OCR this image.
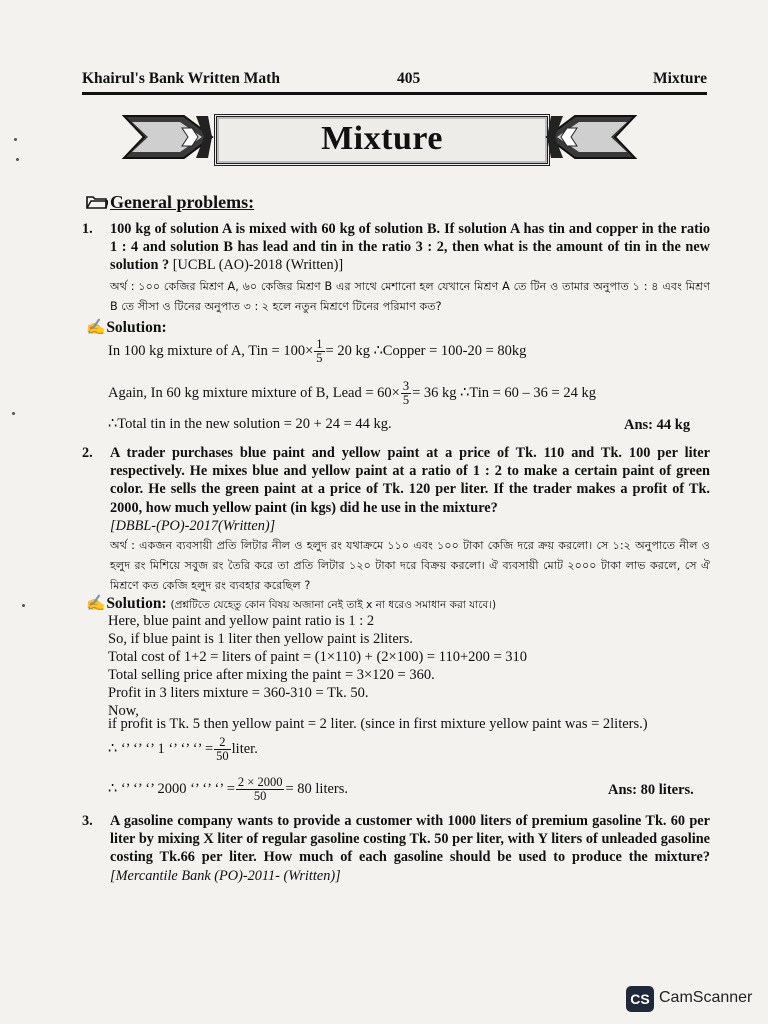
Khairul's Bank Written Math	405	Mixture
Mixture
General problems:
1. 100 kg of solution A is mixed with 60 kg of solution B. If solution A has tin and copper in the ratio 1 : 4 and solution B has lead and tin in the ratio 3 : 2, then what is the amount of tin in the new solution ? [UCBL (AO)-2018 (Written)]
অর্থ : ১০০ কেজির মিশ্রণ A, ৬০ কেজির মিশ্রণ B এর সাথে মেশানো হল যেখানে মিশ্রণ A তে টিন ও তামার অনুপাত ১ : ৪ এবং মিশ্রণ B তে সীসা ও টিনের অনুপাত ৩ : ২ হলে নতুন মিশ্রণে টিনের পরিমাণ কত?
✍Solution:
In 100 kg mixture of A, Tin = $100\times \frac{1}{5} = 20$ kg ∴Copper = 100-20 = 80kg
Again, In 60 kg mixture mixture of B, Lead = $60\times \frac{3}{5} = 36$ kg ∴Tin = 60 – 36 = 24 kg
∴Total tin in the new solution = 20 + 24 = 44 kg.	Ans: 44 kg
2. A trader purchases blue paint and yellow paint at a price of Tk. 110 and Tk. 100 per liter respectively. He mixes blue and yellow paint at a ratio of 1 : 2 to make a certain paint of green color. He sells the green paint at a price of Tk. 120 per liter. If the trader makes a profit of Tk. 2000, how much yellow paint (in kgs) did he use in the mixture?
[DBBL-(PO)-2017(Written)]
অর্থ : একজন ব্যবসায়ী প্রতি লিটার নীল ও হলুদ রং যথাক্রমে ১১০ এবং ১০০ টাকা কেজি দরে ক্রয় করলো। সে ১:২ অনুপাতে নীল ও হলুদ রং মিশিয়ে সবুজ রং তৈরি করে তা প্রতি লিটার ১২০ টাকা দরে বিক্রয় করলো। ঐ ব্যবসায়ী মোট ২০০০ টাকা লাভ করলে, সে ঐ মিশ্রণে কত কেজি হলুদ রং ব্যবহার করেছিল ?
✍Solution: (প্রশ্নটিতে যেহেতু কোন বিষয় অজানা নেই তাই x না ধরেও সমাধান করা যাবে।)
Here, blue paint and yellow paint ratio is 1 : 2
So, if blue paint is 1 liter then yellow paint is 2liters.
Total cost of 1+2 = liters of paint = (1×110) + (2×100) = 110+200 = 310
Total selling price after mixing the paint = 3×120 = 360.
Profit in 3 liters mixture = 360-310 = Tk. 50.
Now,
if profit is Tk. 5 then yellow paint = 2 liter. (since in first mixture yellow paint was = 2liters.)
∴ ‘’ ‘’ ‘’ 1 ‘’ ‘’ ‘’ = $\frac{2}{50}$ liter.
∴ ‘’ ‘’ ‘’ 2000 ‘’ ‘’ ‘’ = $\frac{2 \times 2000}{50} = 80$ liters.	Ans: 80 liters.
3. A gasoline company wants to provide a customer with 1000 liters of premium gasoline Tk. 60 per liter by mixing X liter of regular gasoline costing Tk. 50 per liter, with Y liters of unleaded gasoline costing Tk.66 per liter. How much of each gasoline should be used to produce the mixture? [Mercantile Bank (PO)-2011- (Written)]
CS CamScanner
